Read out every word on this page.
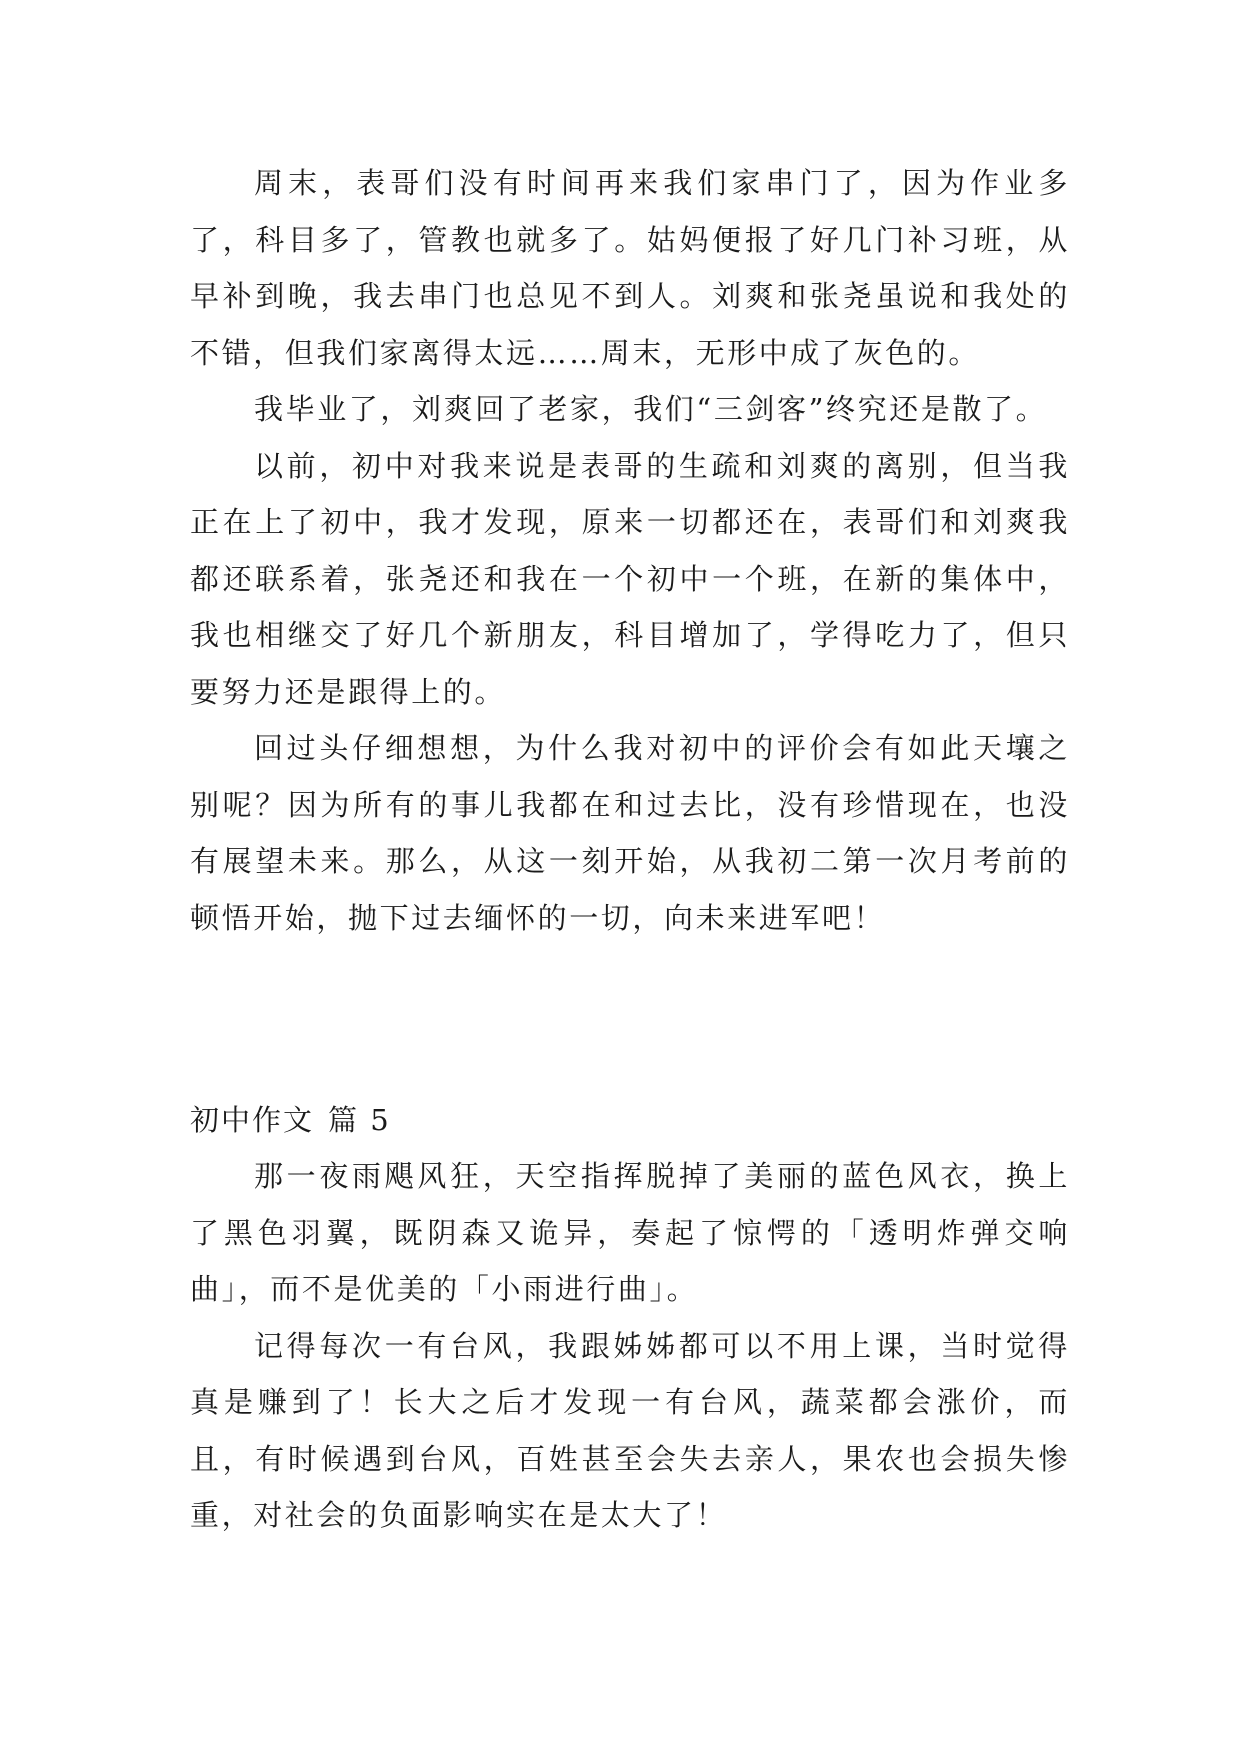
周末，表哥们没有时间再来我们家串门了，因为作业多了，科目多了，管教也就多了。姑妈便报了好几门补习班，从早补到晚，我去串门也总见不到人。刘爽和张尧虽说和我处的不错，但我们家离得太远……周末，无形中成了灰色的。

我毕业了，刘爽回了老家，我们“三剑客”终究还是散了。

以前，初中对我来说是表哥的生疏和刘爽的离别，但当我正在上了初中，我才发现，原来一切都还在，表哥们和刘爽我都还联系着，张尧还和我在一个初中一个班，在新的集体中，我也相继交了好几个新朋友，科目增加了，学得吃力了，但只要努力还是跟得上的。

回过头仔细想想，为什么我对初中的评价会有如此天壤之别呢？因为所有的事儿我都在和过去比，没有珍惜现在，也没有展望未来。那么，从这一刻开始，从我初二第一次月考前的顿悟开始，抛下过去缅怀的一切，向未来进军吧！

初中作文 篇 5

那一夜雨飓风狂，天空指挥脱掉了美丽的蓝色风衣，换上了黑色羽翼，既阴森又诡异，奏起了惊愕的「透明炸弹交响曲」，而不是优美的「小雨进行曲」。

记得每次一有台风，我跟姊姊都可以不用上课，当时觉得真是赚到了！长大之后才发现一有台风，蔬菜都会涨价，而且，有时候遇到台风，百姓甚至会失去亲人，果农也会损失惨重，对社会的负面影响实在是太大了！
